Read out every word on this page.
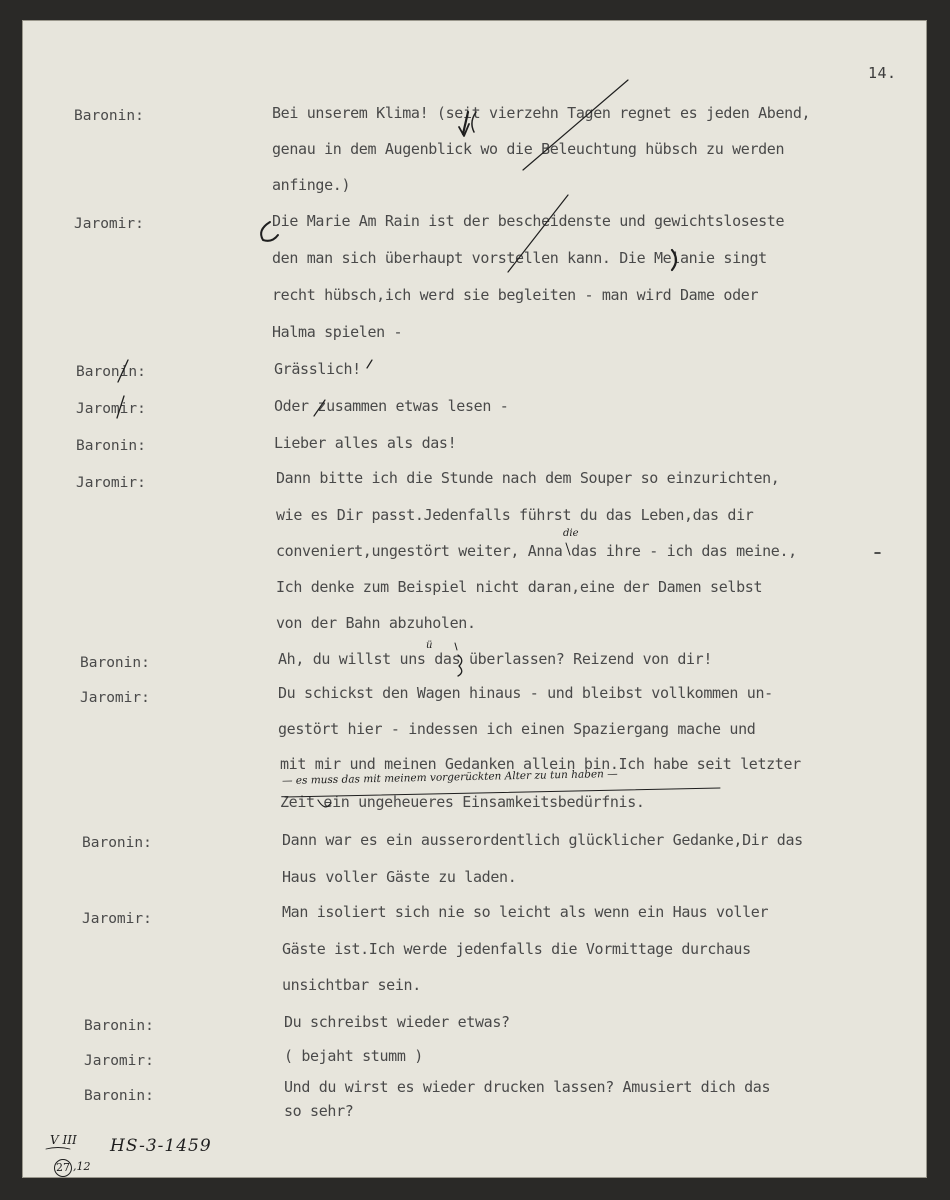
14.
Baronin:
Jaromir:
Baronin:
Jaromir:
Baronin:
Jaromir:
Baronin:
Jaromir:
Baronin:
Jaromir:
Baronin:
Jaromir:
Baronin:
Bei unserem Klima! (seit vierzehn Tagen regnet es jeden Abend,
genau in dem Augenblick wo die Beleuchtung hübsch zu werden
anfinge.)
Die Marie Am Rain ist der bescheidenste und gewichtsloseste
den man sich überhaupt vorstellen kann. Die Melanie singt
recht hübsch,ich werd sie begleiten - man wird Dame oder
Halma spielen -
Grässlich!
Oder zusammen etwas lesen -
Lieber alles als das!
Dann bitte ich die Stunde nach dem Souper so einzurichten,
wie es Dir passt.Jedenfalls führst du das Leben,das dir
conveniert,ungestört weiter, Anna das ihre - ich das meine.,
Ich denke zum Beispiel nicht daran,eine der Damen selbst
von der Bahn abzuholen.
Ah, du willst uns das überlassen? Reizend von dir!
Du schickst den Wagen hinaus - und bleibst vollkommen un-
gestört hier - indessen ich einen Spaziergang mache und
mit mir und meinen Gedanken allein bin.Ich habe seit letzter
Zeit ein ungeheueres Einsamkeitsbedürfnis.
Dann war es ein ausserordentlich glücklicher Gedanke,Dir das
Haus voller Gäste zu laden.
Man isoliert sich nie so leicht als wenn ein Haus voller
Gäste ist.Ich werde jedenfalls die Vormittage durchaus
unsichtbar sein.
Du schreibst wieder etwas?
( bejaht stumm )
Und du wirst es wieder drucken lassen? Amusiert dich das
so sehr?
die
ü
— es muss das mit meinem vorgerückten Alter zu tun haben —
HS-3-1459
V III
27 ,12
